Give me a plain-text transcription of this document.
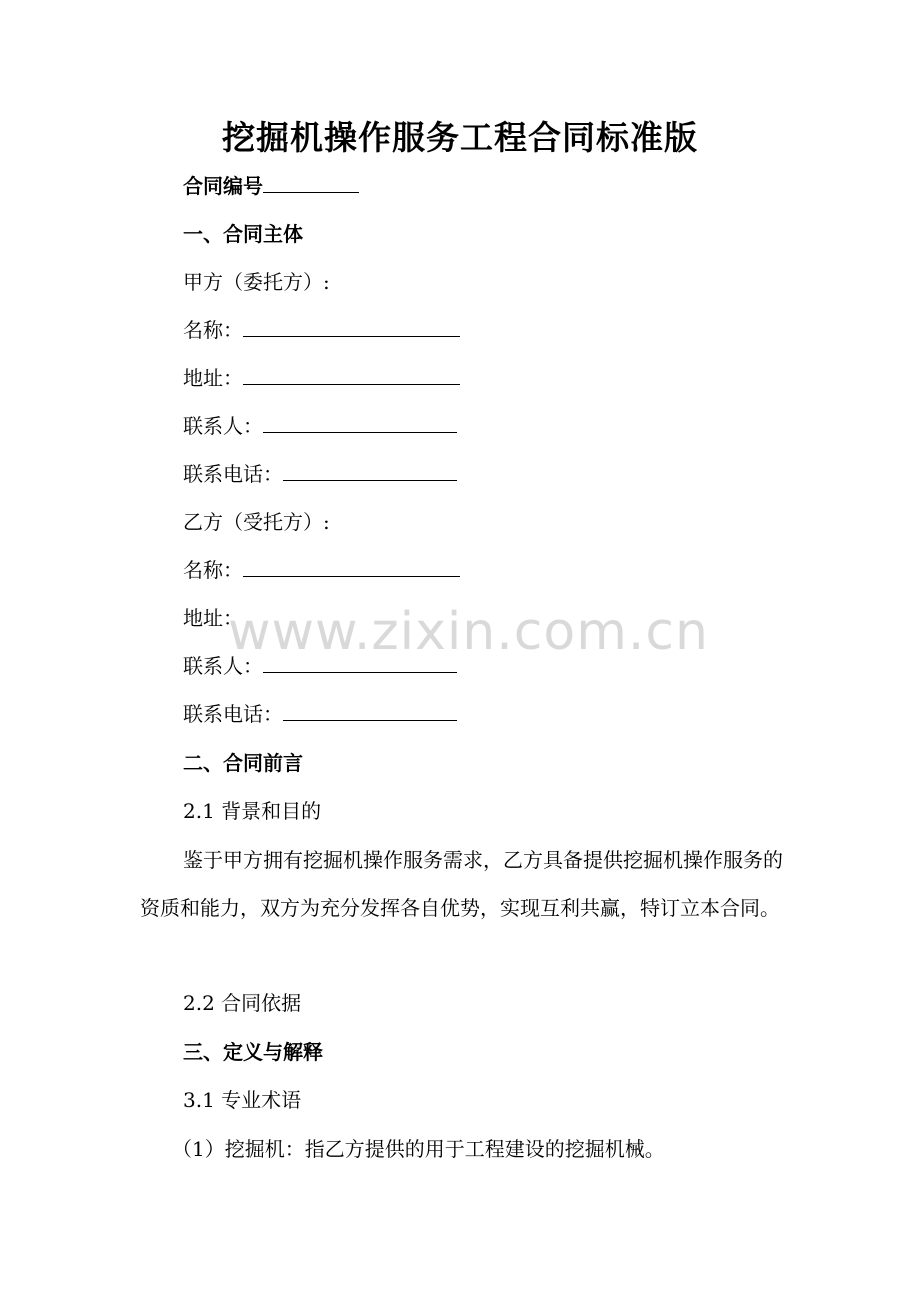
挖掘机操作服务工程合同标准版
合同编号
一、合同主体
甲方（委托方）:
名称：
地址：
联系人：
联系电话：
乙方（受托方）:
名称：
地址：
联系人：
联系电话：
二、合同前言
2.1 背景和目的
鉴于甲方拥有挖掘机操作服务需求，乙方具备提供挖掘机操作服务的资质和能力，双方为充分发挥各自优势，实现互利共赢，特订立本合同。
2.2 合同依据
三、定义与解释
3.1 专业术语
（1）挖掘机：指乙方提供的用于工程建设的挖掘机械。
www.zixin.com.cn
